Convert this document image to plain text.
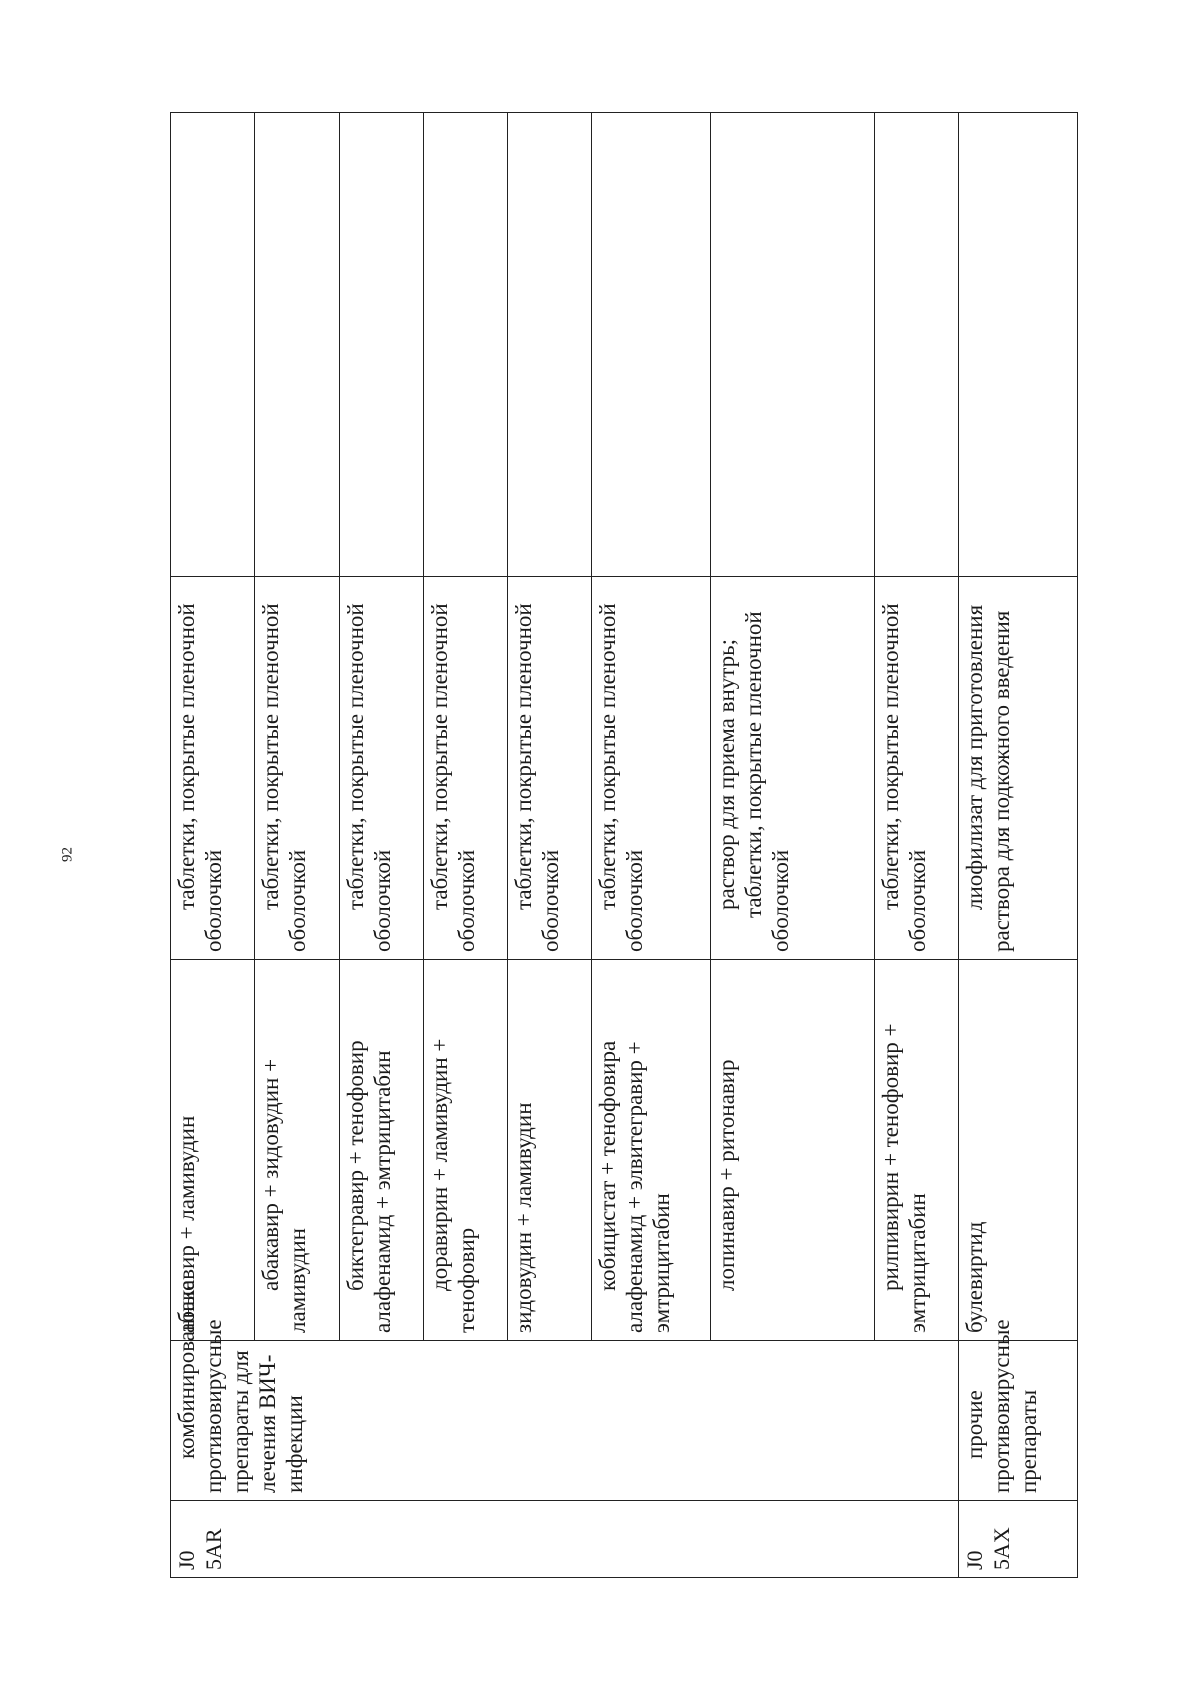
92
J0 5AR	комбинированные противовирусные препараты для лечения ВИЧ-инфекции	абакавир + ламивудин	таблетки, покрытые пленочной оболочкой	
		абакавир + зидовудин + ламивудин	таблетки, покрытые пленочной оболочкой	
		биктегравир + тенофовир алафенамид + эмтрицитабин	таблетки, покрытые пленочной оболочкой	
		доравирин + ламивудин + тенофовир	таблетки, покрытые пленочной оболочкой	
		зидовудин + ламивудин	таблетки, покрытые пленочной оболочкой	
		кобицистат + тенофовира алафенамид + элвитегравир + эмтрицитабин	таблетки, покрытые пленочной оболочкой	
		лопинавир + ритонавир	раствор для приема внутрь; таблетки, покрытые пленочной оболочкой	

		рилпивирин + тенофовир + эмтрицитабин	таблетки, покрытые пленочной оболочкой	
J0 5AX	прочие противовирусные препараты	булевиртид	лиофилизат для приготовления раствора для подкожного введения	
